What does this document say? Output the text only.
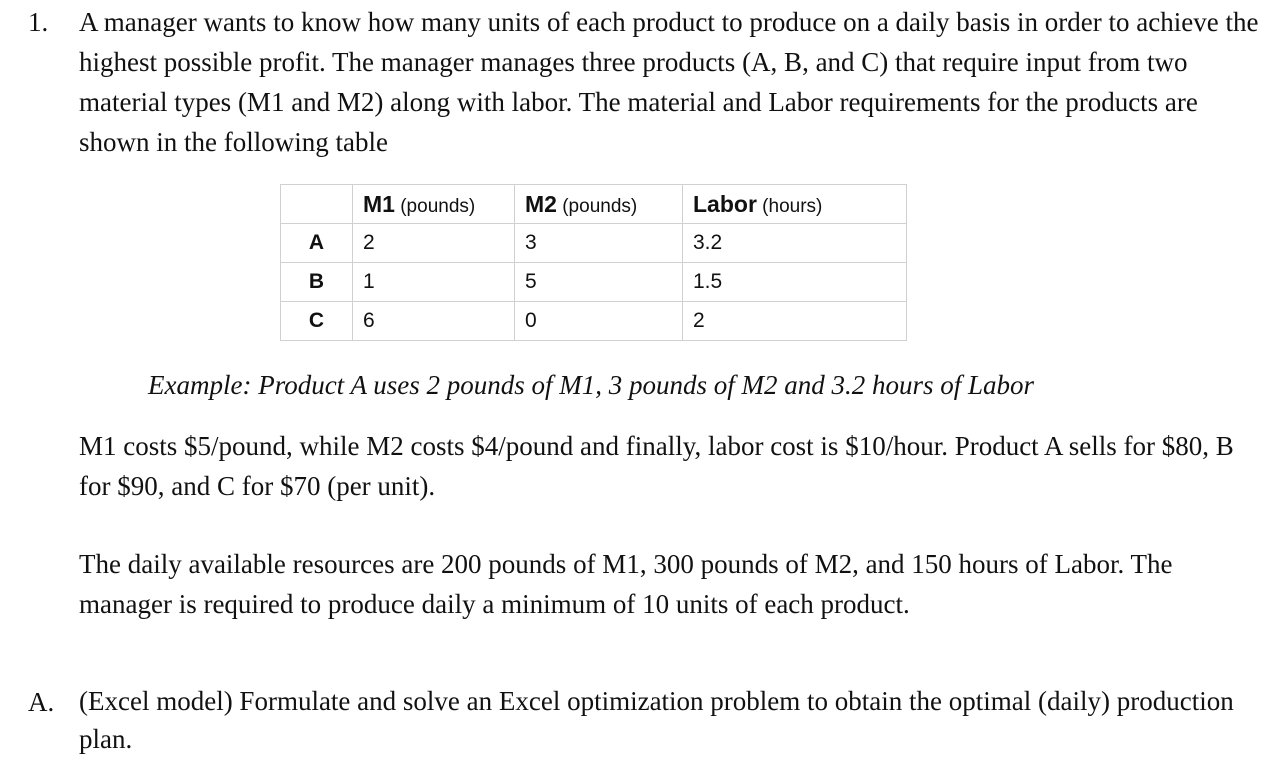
1. A manager wants to know how many units of each product to produce on a daily basis in order to achieve the highest possible profit. The manager manages three products (A, B, and C) that require input from two material types (M1 and M2) along with labor. The material and Labor requirements for the products are shown in the following table
	M1 (pounds)	M2 (pounds)	Labor (hours)
A	2	3	3.2
B	1	5	1.5
C	6	0	2
Example: Product A uses 2 pounds of M1, 3 pounds of M2 and 3.2 hours of Labor
M1 costs $5/pound, while M2 costs $4/pound and finally, labor cost is $10/hour. Product A sells for $80, B for $90, and C for $70 (per unit).
The daily available resources are 200 pounds of M1, 300 pounds of M2, and 150 hours of Labor. The manager is required to produce daily a minimum of 10 units of each product.
A. (Excel model) Formulate and solve an Excel optimization problem to obtain the optimal (daily) production plan.
